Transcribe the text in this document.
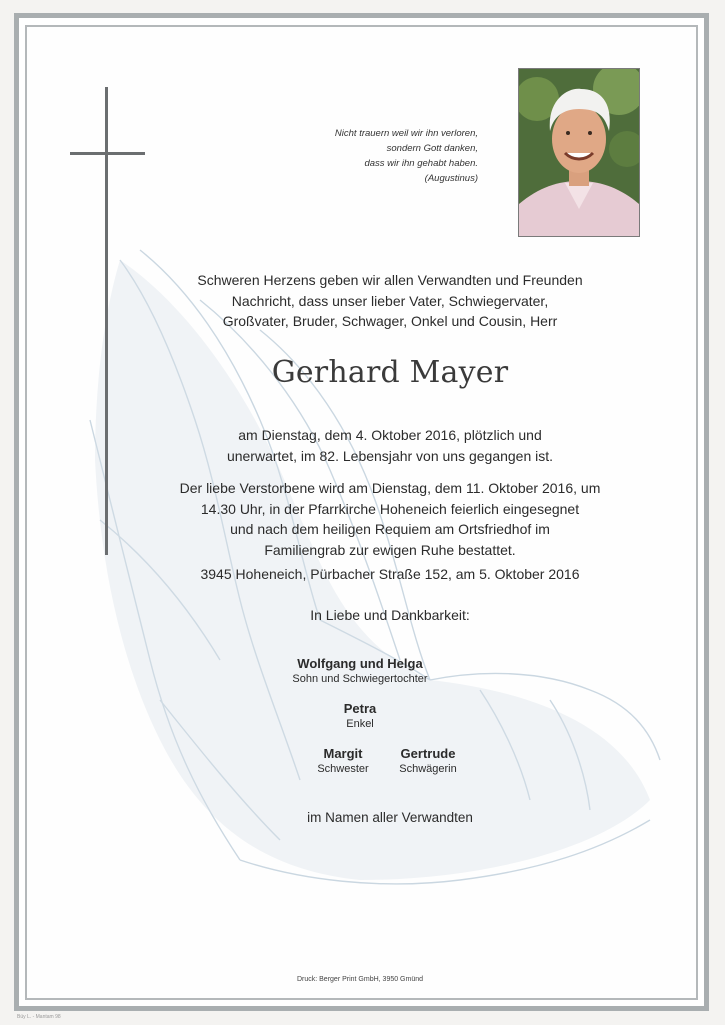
Nicht trauern weil wir ihn verloren,
sondern Gott danken,
dass wir ihn gehabt haben.
(Augustinus)
Schweren Herzens geben wir allen Verwandten und Freunden
Nachricht, dass unser lieber Vater, Schwiegervater,
Großvater, Bruder, Schwager, Onkel und Cousin, Herr
Gerhard Mayer
am Dienstag, dem 4. Oktober 2016, plötzlich und
unerwartet, im 82. Lebensjahr von uns gegangen ist.
Der liebe Verstorbene wird am Dienstag, dem 11. Oktober 2016, um
14.30 Uhr, in der Pfarrkirche Hoheneich feierlich eingesegnet
und nach dem heiligen Requiem am Ortsfriedhof im
Familiengrab zur ewigen Ruhe bestattet.
3945 Hoheneich, Pürbacher Straße 152, am 5. Oktober 2016
In Liebe und Dankbarkeit:
Wolfgang und Helga
Sohn und Schwiegertochter
Petra
Enkel
Margit
Schwester
Gertrude
Schwägerin
im Namen aller Verwandten
Druck: Berger Print GmbH, 3950 Gmünd
Büy L. - Mantam 98
